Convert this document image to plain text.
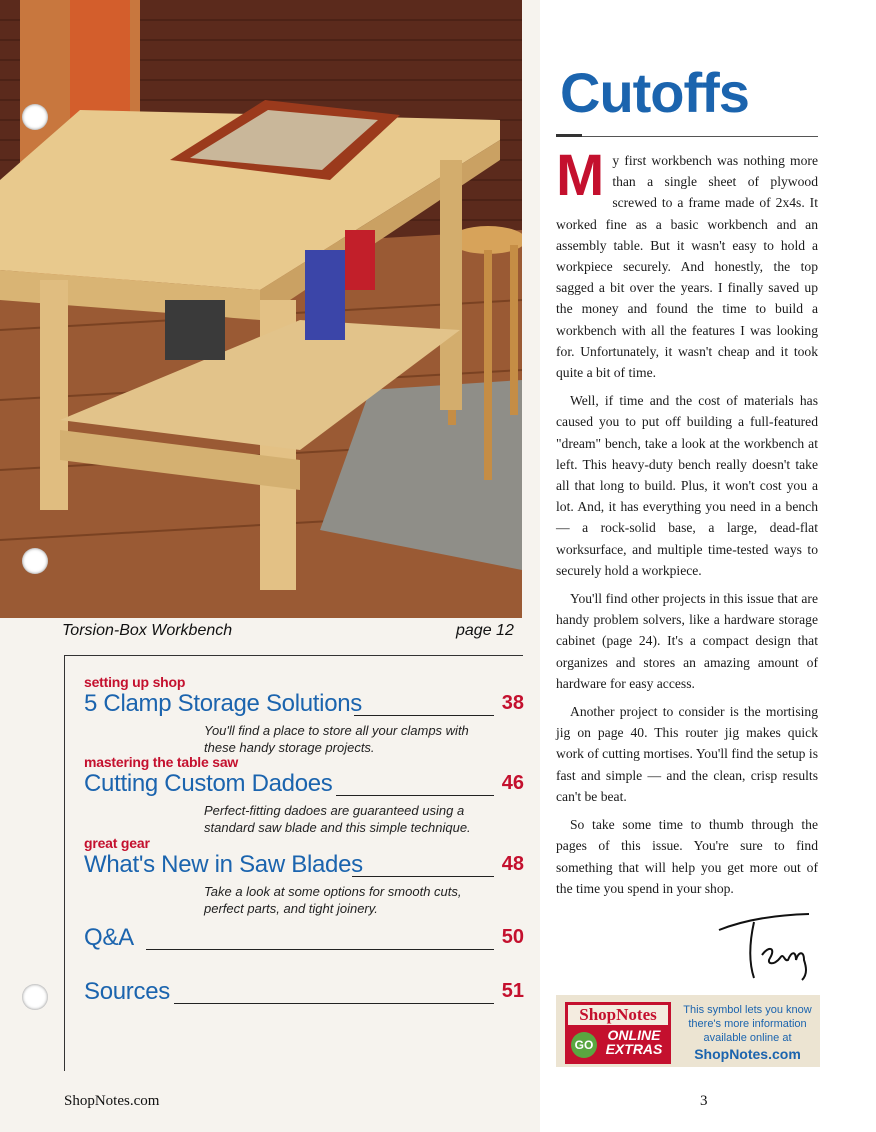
Torsion-Box Workbench	page 12
setting up shop
5 Clamp Storage Solutions	38
You'll find a place to store all your clamps with
these handy storage projects.
mastering the table saw
Cutting Custom Dadoes	46
Perfect-fitting dadoes are guaranteed using a
standard saw blade and this simple technique.
great gear
What's New in Saw Blades	48
Take a look at some options for smooth cuts,
perfect parts, and tight joinery.
Q&A	50
Sources	51
ShopNotes.com
Cutoffs

My first workbench was nothing more than a single sheet of plywood screwed to a frame made of 2x4s. It worked fine as a basic workbench and an assembly table. But it wasn't easy to hold a workpiece securely. And honestly, the top sagged a bit over the years. I finally saved up the money and found the time to build a workbench with all the features I was looking for. Unfortunately, it wasn't cheap and it took quite a bit of time.

Well, if time and the cost of materials has caused you to put off building a full-featured "dream" bench, take a look at the workbench at left. This heavy-duty bench really doesn't take all that long to build. Plus, it won't cost you a lot. And, it has everything you need in a bench — a rock-solid base, a large, dead-flat worksurface, and multiple time-tested ways to securely hold a workpiece.

You'll find other projects in this issue that are handy problem solvers, like a hardware storage cabinet (page 24). It's a compact design that organizes and stores an amazing amount of hardware for easy access.

Another project to consider is the mortising jig on page 40. This router jig makes quick work of cutting mortises. You'll find the setup is fast and simple — and the clean, crisp results can't be beat.

So take some time to thumb through the pages of this issue. You're sure to find something that will help you get more out of the time you spend in your shop.

ShopNotes
GO
ONLINE
EXTRAS
This symbol lets you know
there's more information
available online at
ShopNotes.com
3
